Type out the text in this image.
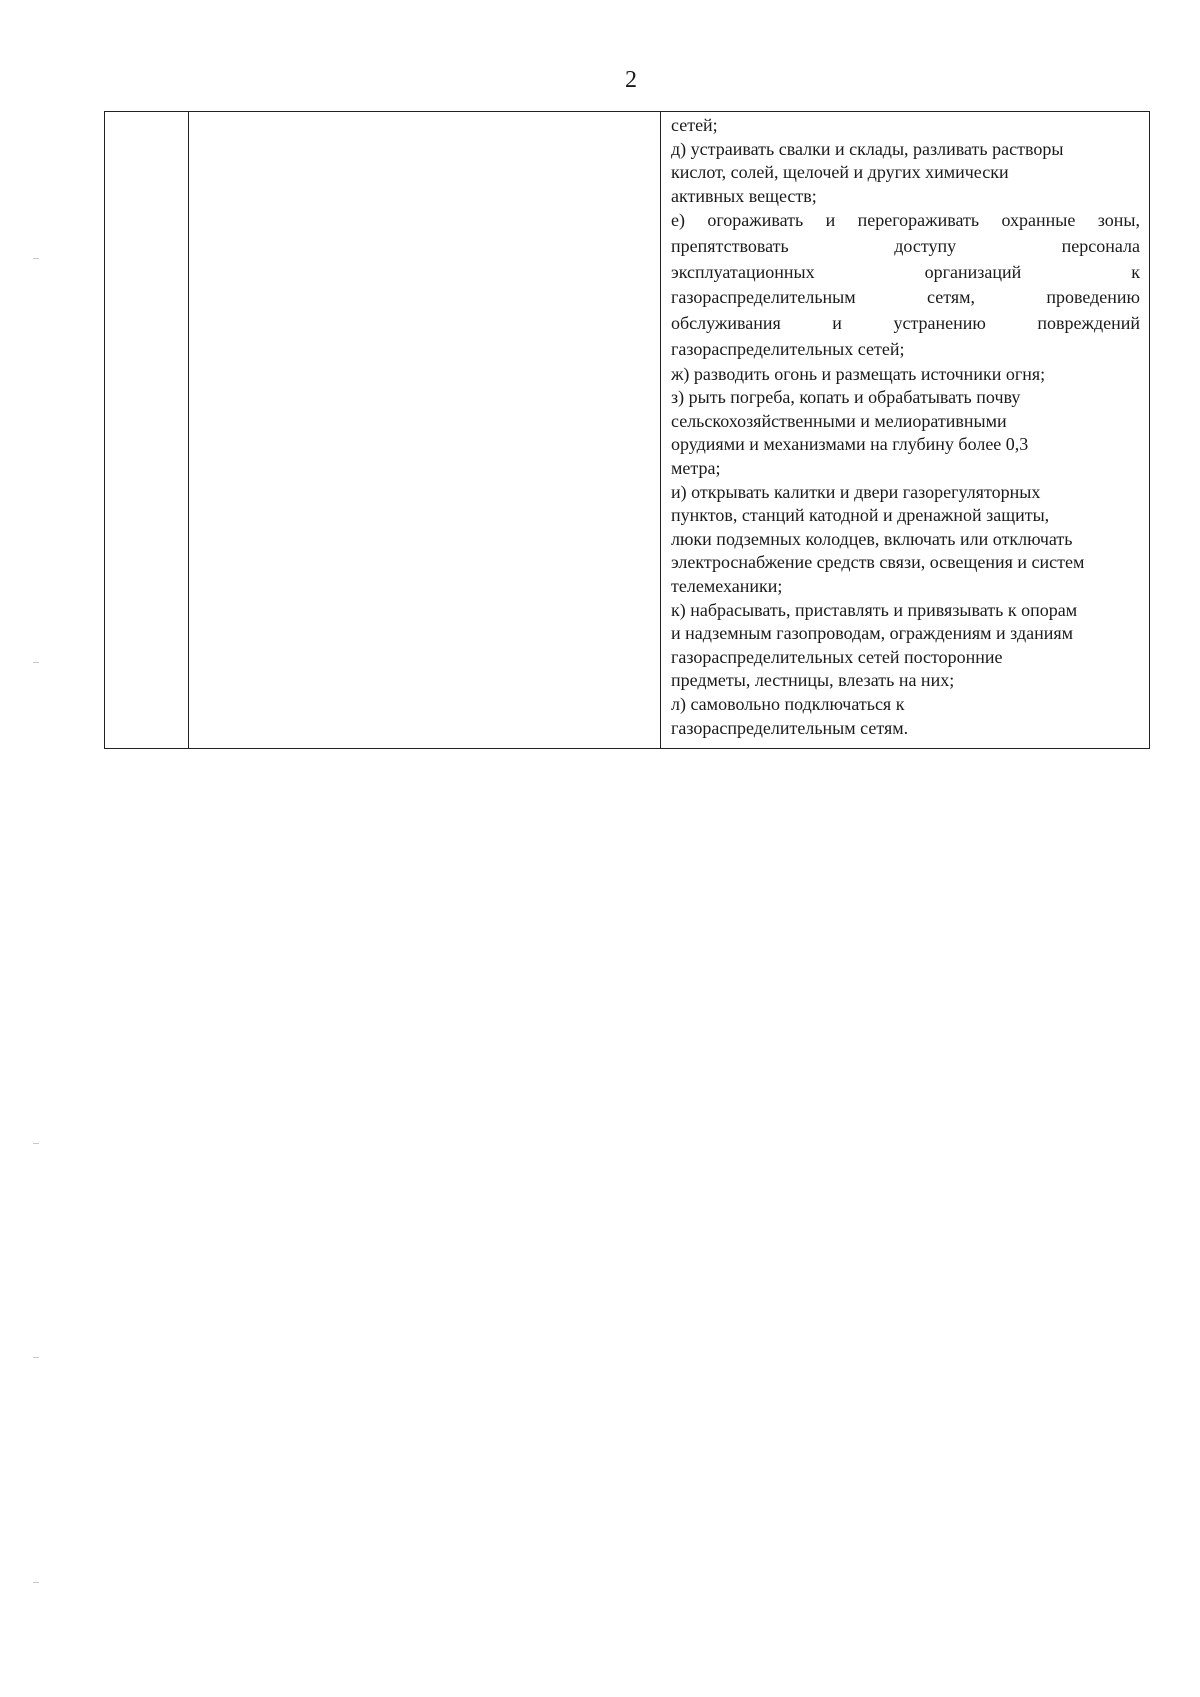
2

сетей;
д) устраивать свалки и склады, разливать растворы
кислот, солей, щелочей и других химически
активных веществ;
е) огораживать и перегораживать охранные зоны,
препятствовать доступу персонала
эксплуатационных организаций к
газораспределительным сетям, проведению
обслуживания и устранению повреждений
газораспределительных сетей;
ж) разводить огонь и размещать источники огня;
з) рыть погреба, копать и обрабатывать почву
сельскохозяйственными и мелиоративными
орудиями и механизмами на глубину более 0,3
метра;
и) открывать калитки и двери газорегуляторных
пунктов, станций катодной и дренажной защиты,
люки подземных колодцев, включать или отключать
электроснабжение средств связи, освещения и систем
телемеханики;
к) набрасывать, приставлять и привязывать к опорам
и надземным газопроводам, ограждениям и зданиям
газораспределительных сетей посторонние
предметы, лестницы, влезать на них;
л) самовольно подключаться к
газораспределительным сетям.
